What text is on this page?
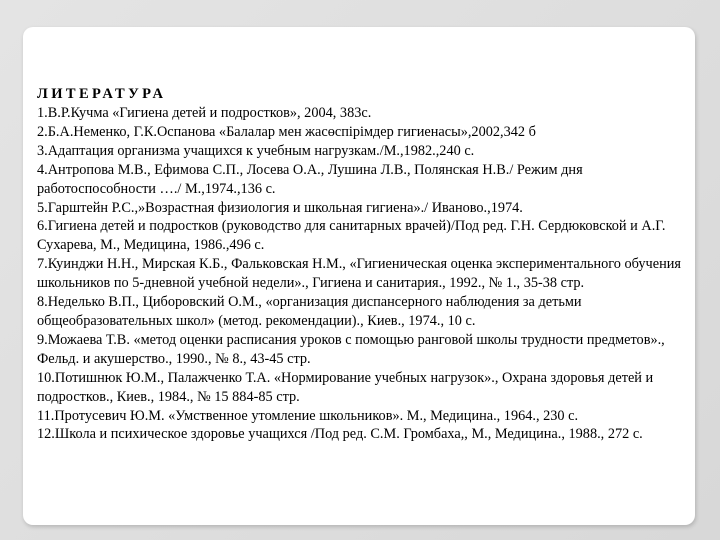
ЛИТЕРАТУРА

1.В.Р.Кучма «Гигиена детей и подростков», 2004, 383с.

2.Б.А.Неменко, Г.К.Оспанова «Балалар мен жасөспірімдер гигиенасы»,2002,342 б

3.Адаптация организма учащихся к учебным нагрузкам./М.,1982.,240 с.

4.Антропова М.В., Ефимова С.П., Лосева О.А., Лушина Л.В., Полянская Н.В./ Режим дня работоспособности ….​/ М.,1974.,136 с.

5.Гарштейн Р.С.,»Возрастная физиология и школьная гигиена».​/ Иваново.,1974.

6.Гигиена детей и подростков (руководство для санитарных врачей)/Под ред. Г.Н. Сердюковской и А.Г. Сухарева, М., Медицина, 1986.,496 с.

7.Куинджи Н.Н., Мирская К.Б., Фальковская Н.М., «Гигиеническая оценка экспериментального обучения школьников по 5-дневной учебной недели».​, Гигиена и санитария., 1992., № 1., 35-38 стр.

8.Неделько В.П., Циборовский О.М., «организация диспансерного наблюдения за детьми общеобразовательных школ» (метод. рекомендации)., Киев., 1974., 10 с.

9.Можаева Т.В. «метод оценки расписания уроков с помощью ранговой школы трудности предметов».​, Фельд. и акушерство., 1990., № 8., 43-45 стр.

10.Потишнюк Ю.М., Палажченко Т.А. «Нормирование учебных нагрузок».​, Охрана здоровья детей и подростков., Киев., 1984., № 15 884-85 стр.

11.Протусевич Ю.М. «Умственное утомление школьников». М., Медицина., 1964., 230 с.

12.Школа и психическое здоровье учащихся /Под ред. С.М. Громбаха,, М., Медицина., 1988., 272 с.
